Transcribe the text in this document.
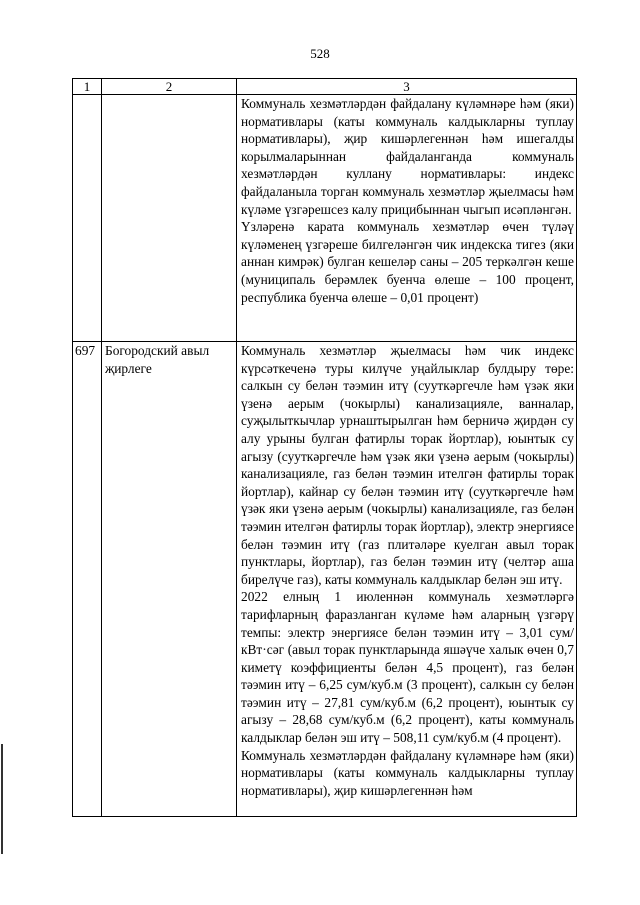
528
1	2	3

		Коммуналь хезмәтләрдән файдалану күләмнәре һәм (яки) нормативлары (каты коммуналь калдыкларны туплау нормативлары), җир кишәрлегеннән һәм ишегалды корылмаларыннан файдаланганда коммуналь хезмәтләрдән куллану нормативлары: индекс файдаланыла торган коммуналь хезмәтләр җыелмасы һәм күләме үзгәрешсез калу прицибыннан чыгып исәпләнгән.
Үзләренә карата коммуналь хезмәтләр өчен түләү күләменең үзгәреше билгеләнгән чик индекска тигез (яки аннан кимрәк) булган кешеләр саны – 205 теркәлгән кеше (муниципаль берәмлек буенча өлеше – 100 процент, республика буенча өлеше – 0,01 процент)

697	Богородский авыл җирлеге	Коммуналь хезмәтләр җыелмасы һәм чик индекс күрсәткеченә туры килүче уңайлыклар булдыру төре: салкын су белән тәэмин итү (сууткәргечле һәм үзәк яки үзенә аерым (чокырлы) канализацияле, ванналар, суҗылыткычлар урнаштырылган һәм берничә җирдән су алу урыны булган фатирлы торак йортлар), юынтык су агызу (сууткәргечле һәм үзәк яки үзенә аерым (чокырлы) канализацияле, газ белән тәэмин ителгән фатирлы торак йортлар), кайнар су белән тәэмин итү (сууткәргечле һәм үзәк яки үзенә аерым (чокырлы) канализацияле, газ белән тәэмин ителгән фатирлы торак йортлар), электр энергиясе белән тәэмин итү (газ плитәләре куелган авыл торак пунктлары, йортлар), газ белән тәэмин итү (челтәр аша бирелүче газ), каты коммуналь калдыклар белән эш итү.
2022 елның 1 июленнән коммуналь хезмәтләргә тарифларның фаразланган күләме һәм аларның үзгәрү темпы: электр энергиясе белән тәэмин итү – 3,01 сум/кВт·сәг (авыл торак пунктларында яшәүче халык өчен 0,7 киметү коэффициенты белән 4,5 процент), газ белән тәэмин итү – 6,25 сум/куб.м (3 процент), салкын су белән тәэмин итү – 27,81 сум/куб.м (6,2 процент), юынтык су агызу – 28,68 сум/куб.м (6,2 процент), каты коммуналь калдыклар белән эш итү – 508,11 сум/куб.м (4 процент).
Коммуналь хезмәтләрдән файдалану күләмнәре һәм (яки) нормативлары (каты коммуналь калдыкларны туплау нормативлары), җир кишәрлегеннән һәм
